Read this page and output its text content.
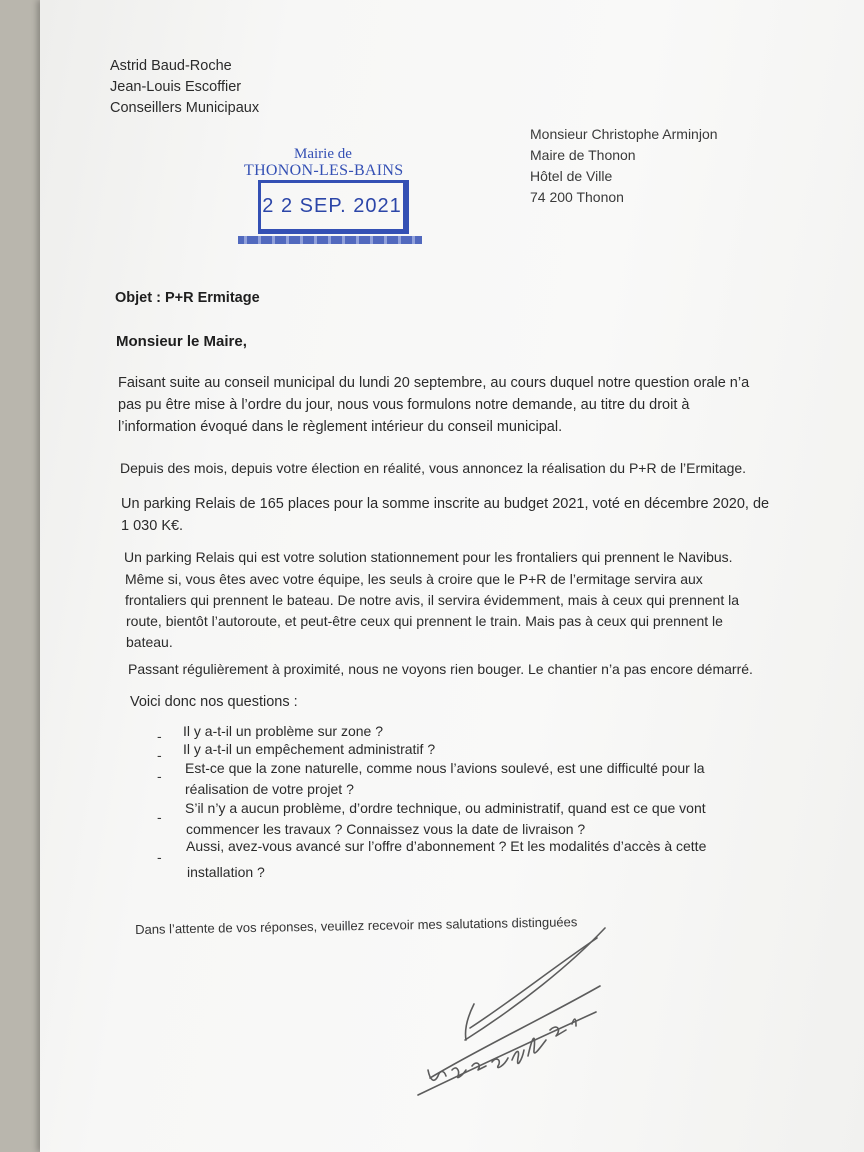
Astrid Baud-Roche
Jean-Louis Escoffier
Conseillers Municipaux
Monsieur Christophe Arminjon
Maire de Thonon
Hôtel de Ville
74 200 Thonon
Mairie de
THONON-LES-BAINS
2 2 SEP. 2021
Objet : P+R Ermitage
Monsieur le Maire,
Faisant suite au conseil municipal du lundi 20 septembre, au cours duquel notre question orale n’a
pas pu être mise à l’ordre du jour, nous vous formulons notre demande, au titre du droit à
l’information évoqué dans le règlement intérieur du conseil municipal.
Depuis des mois, depuis votre élection en réalité, vous annoncez la réalisation du P+R de l’Ermitage.
Un parking Relais de 165 places pour la somme inscrite au budget 2021, voté en décembre 2020, de
1 030 K€.
Un parking Relais qui est votre solution stationnement pour les frontaliers qui prennent le Navibus.
Même si, vous êtes avec votre équipe, les seuls à croire que le P+R de l’ermitage servira aux
frontaliers qui prennent le bateau. De notre avis, il servira évidemment, mais à ceux qui prennent la
route, bientôt l’autoroute, et peut-être ceux qui prennent le train. Mais pas à ceux qui prennent le
bateau.
Passant régulièrement à proximité, nous ne voyons rien bouger. Le chantier n’a pas encore démarré.
Voici donc nos questions :
- Il y a-t-il un problème sur zone ?
- Il y a-t-il un empêchement administratif ?
- Est-ce que la zone naturelle, comme nous l’avions soulevé, est une difficulté pour la
réalisation de votre projet ?
-
S’il n’y a aucun problème, d’ordre technique, ou administratif, quand est ce que vont
commencer les travaux ? Connaissez vous la date de livraison ?
-
Aussi, avez-vous avancé sur l’offre d’abonnement ? Et les modalités d’accès à cette
installation ?
Dans l’attente de vos réponses, veuillez recevoir mes salutations distinguées
